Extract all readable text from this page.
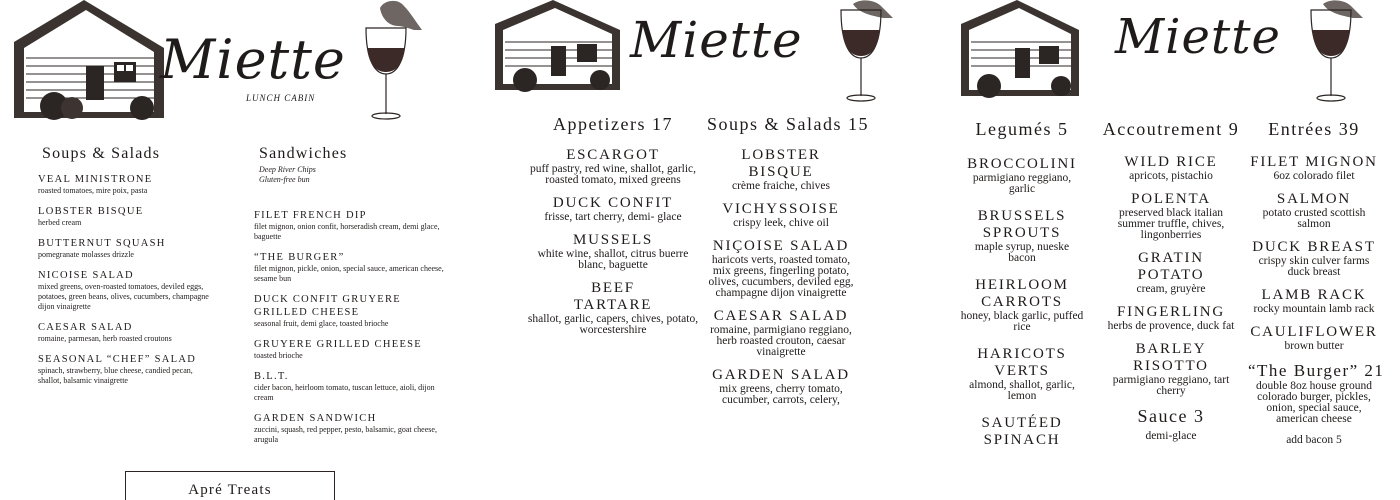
Miette
LUNCH CABIN
Soups & Salads
VEAL MINISTRONE
roasted tomatoes, mire poix, pasta
LOBSTER BISQUE
herbed cream
BUTTERNUT SQUASH
pomegranate molasses drizzle
NICOISE SALAD
mixed greens, oven-roasted tomatoes, deviled eggs, potatoes, green beans, olives, cucumbers, champagne dijon vinaigrette
CAESAR SALAD
romaine, parmesan, herb roasted croutons
SEASONAL “CHEF” SALAD
spinach, strawberry, blue cheese, candied pecan, shallot, balsamic vinaigrette
Sandwiches
Deep River Chips
Gluten-free bun
FILET FRENCH DIP
filet mignon, onion confit, horseradish cream, demi glace, baguette
“THE BURGER”
filet mignon, pickle, onion, special sauce, american cheese, sesame bun
DUCK CONFIT GRUYERE GRILLED CHEESE
seasonal fruit, demi glace, toasted brioche
GRUYERE GRILLED CHEESE
toasted brioche
B.L.T.
cider bacon, heirloom tomato, tuscan lettuce, aioli, dijon cream
GARDEN SANDWICH
zuccini, squash, red pepper, pesto, balsamic, goat cheese, arugula
Apré Treats
Miette
Appetizers 17
ESCARGOT
puff pastry, red wine, shallot, garlic, roasted tomato, mixed greens
DUCK CONFIT
frisse, tart cherry, demi- glace
MUSSELS
white wine, shallot, citrus buerre blanc, baguette
BEEF TARTARE
shallot, garlic, capers, chives, potato, worcestershire
Soups & Salads 15
LOBSTER BISQUE
crème fraiche, chives
VICHYSSOISE
crispy leek, chive oil
NIÇOISE SALAD
haricots verts, roasted tomato, mix greens, fingerling potato, olives, cucumbers, deviled egg, champagne dijon vinaigrette
CAESAR SALAD
romaine, parmigiano reggiano, herb roasted crouton, caesar vinaigrette
GARDEN SALAD
mix greens, cherry tomato, cucumber, carrots, celery,
Miette
Legumés 5
BROCCOLINI
parmigiano reggiano, garlic
BRUSSELS SPROUTS
maple syrup, nueske bacon
HEIRLOOM CARROTS
honey, black garlic, puffed rice
HARICOTS VERTS
almond, shallot, garlic, lemon
SAUTÉED SPINACH
Accoutrement 9
WILD RICE
apricots, pistachio
POLENTA
preserved black italian summer truffle, chives, lingonberries
GRATIN POTATO
cream, gruyère
FINGERLING
herbs de provence, duck fat
BARLEY RISOTTO
parmigiano reggiano, tart cherry
Sauce 3
demi-glace
Entrées 39
FILET MIGNON
6oz colorado filet
SALMON
potato crusted scottish salmon
DUCK BREAST
crispy skin culver farms duck breast
LAMB RACK
rocky mountain lamb rack
CAULIFLOWER
brown butter
“The Burger” 21
double 8oz house ground colorado burger, pickles, onion, special sauce, american cheese
add bacon 5
